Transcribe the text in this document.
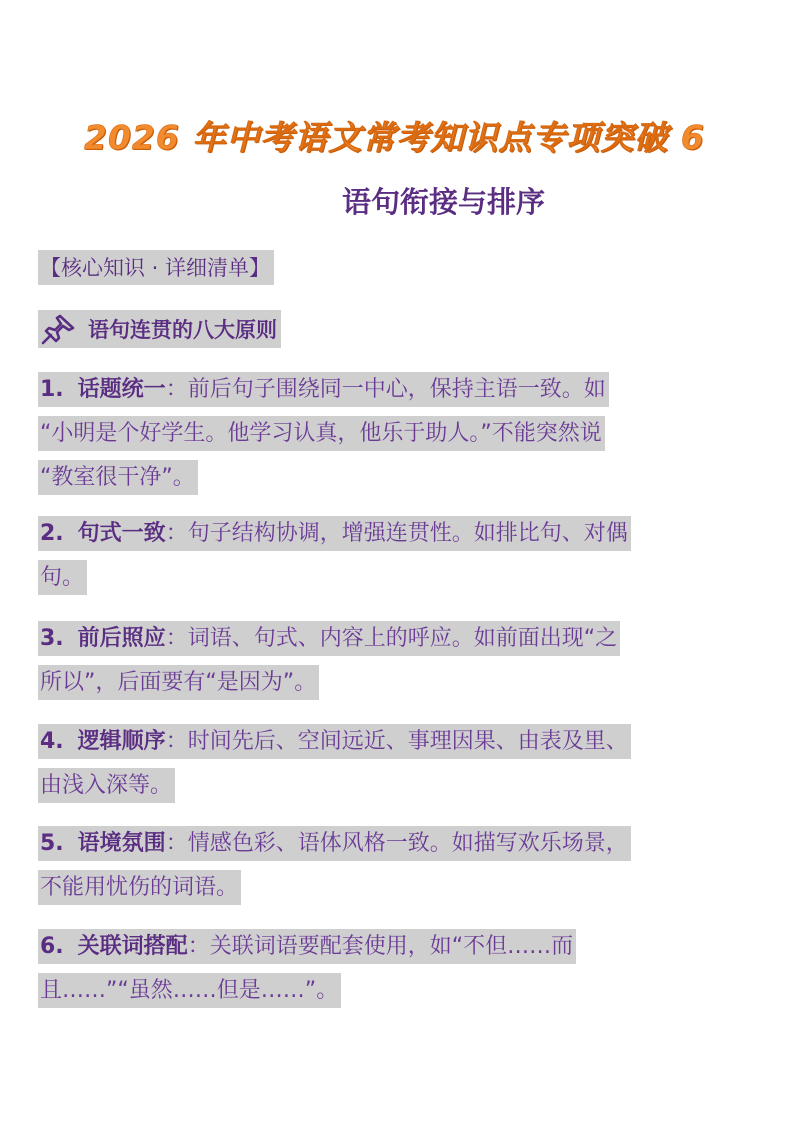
2026 年中考语文常考知识点专项突破 6
语句衔接与排序
【核心知识 · 详细清单】
语句连贯的八大原则
1. 话题统一：前后句子围绕同一中心，保持主语一致。如
“小明是个好学生。他学习认真，他乐于助人。”不能突然说
“教室很干净”。
2. 句式一致：句子结构协调，增强连贯性。如排比句、对偶
句。
3. 前后照应：词语、句式、内容上的呼应。如前面出现“之
所以”，后面要有“是因为”。
4. 逻辑顺序：时间先后、空间远近、事理因果、由表及里、
由浅入深等。
5. 语境氛围：情感色彩、语体风格一致。如描写欢乐场景，
不能用忧伤的词语。
6. 关联词搭配：关联词语要配套使用，如“不但……而
且……”“虽然……但是……”。
